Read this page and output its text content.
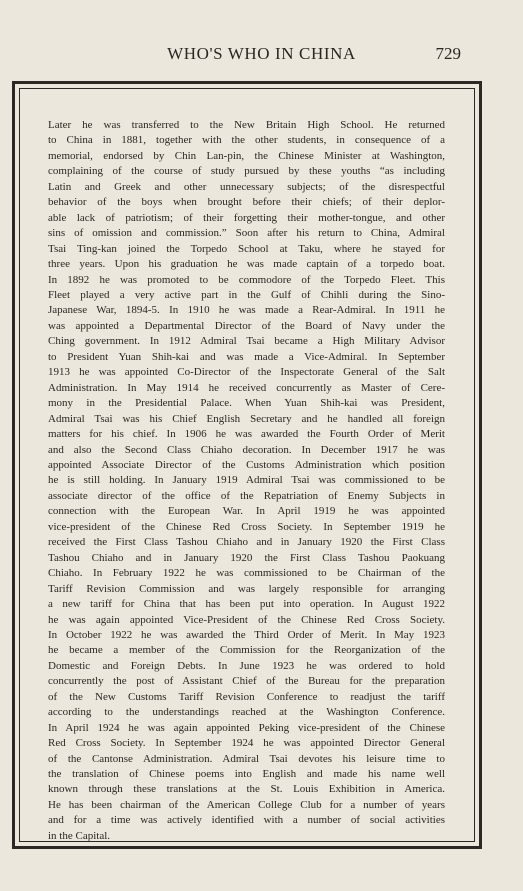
WHO'S WHO IN CHINA	729
Later he was transferred to the New Britain High School. He returned
to China in 1881, together with the other students, in consequence of a
memorial, endorsed by Chin Lan-pin, the Chinese Minister at Washington,
complaining of the course of study pursued by these youths “as including
Latin and Greek and other unnecessary subjects; of the disrespectful
behavior of the boys when brought before their chiefs; of their deplor-
able lack of patriotism; of their forgetting their mother-tongue, and other
sins of omission and commission.” Soon after his return to China, Admiral
Tsai Ting-kan joined the Torpedo School at Taku, where he stayed for
three years. Upon his graduation he was made captain of a torpedo boat.
In 1892 he was promoted to be commodore of the Torpedo Fleet. This
Fleet played a very active part in the Gulf of Chihli during the Sino-
Japanese War, 1894-5. In 1910 he was made a Rear-Admiral. In 1911 he
was appointed a Departmental Director of the Board of Navy under the
Ching government. In 1912 Admiral Tsai became a High Military Advisor
to President Yuan Shih-kai and was made a Vice-Admiral. In September
1913 he was appointed Co-Director of the Inspectorate General of the Salt
Administration. In May 1914 he received concurrently as Master of Cere-
mony in the Presidential Palace. When Yuan Shih-kai was President,
Admiral Tsai was his Chief English Secretary and he handled all foreign
matters for his chief. In 1906 he was awarded the Fourth Order of Merit
and also the Second Class Chiaho decoration. In December 1917 he was
appointed Associate Director of the Customs Administration which position
he is still holding. In January 1919 Admiral Tsai was commissioned to be
associate director of the office of the Repatriation of Enemy Subjects in
connection with the European War. In April 1919 he was appointed
vice-president of the Chinese Red Cross Society. In September 1919 he
received the First Class Tashou Chiaho and in January 1920 the First Class
Tashou Chiaho and in January 1920 the First Class Tashou Paokuang
Chiaho. In February 1922 he was commissioned to be Chairman of the
Tariff Revision Commission and was largely responsible for arranging
a new tariff for China that has been put into operation. In August 1922
he was again appointed Vice-President of the Chinese Red Cross Society.
In October 1922 he was awarded the Third Order of Merit. In May 1923
he became a member of the Commission for the Reorganization of the
Domestic and Foreign Debts. In June 1923 he was ordered to hold
concurrently the post of Assistant Chief of the Bureau for the preparation
of the New Customs Tariff Revision Conference to readjust the tariff
according to the understandings reached at the Washington Conference.
In April 1924 he was again appointed Peking vice-president of the Chinese
Red Cross Society. In September 1924 he was appointed Director General
of the Cantonse Administration. Admiral Tsai devotes his leisure time to
the translation of Chinese poems into English and made his name well
known through these translations at the St. Louis Exhibition in America.
He has been chairman of the American College Club for a number of years
and for a time was actively identified with a number of social activities
in the Capital.
